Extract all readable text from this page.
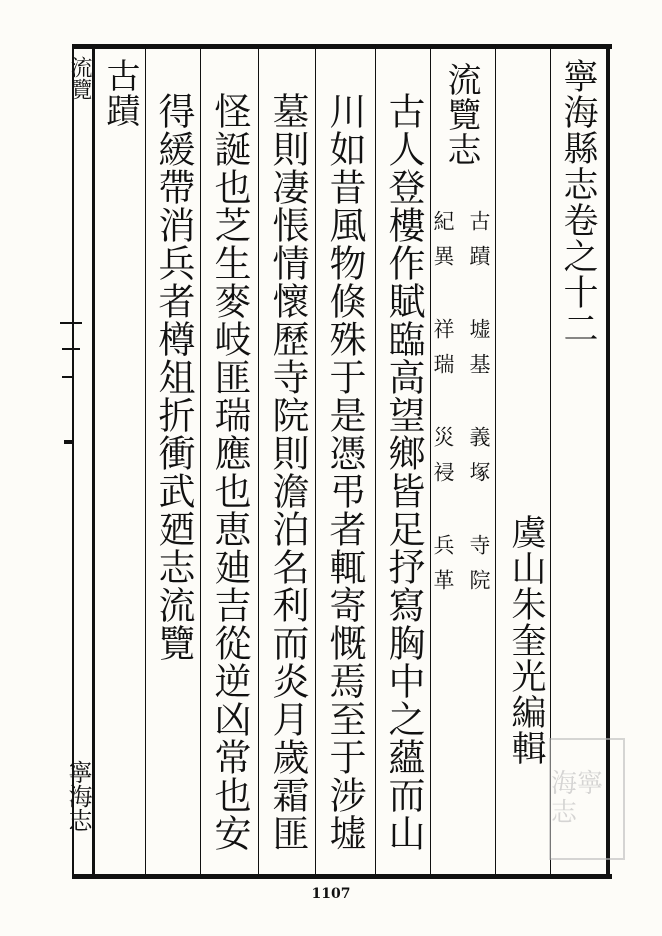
寧海縣志卷之十二
虞山朱奎光編輯
流覽志
古蹟 墟基 義塚 寺院
紀異 祥瑞 災祲 兵革
古人登樓作賦臨高望鄉皆足抒寫胸中之蘊而山
川如昔風物倏殊于是憑弔者輒寄慨焉至于涉墟
墓則凄悵情懷歷寺院則澹泊名利而炎月歲霜匪
怪誕也芝生麥岐匪瑞應也恵廸吉從逆凶常也安
得緩帶消兵者樽俎折衝武廼志流覽
古蹟
流覽
寧海志
1107
海寧志
